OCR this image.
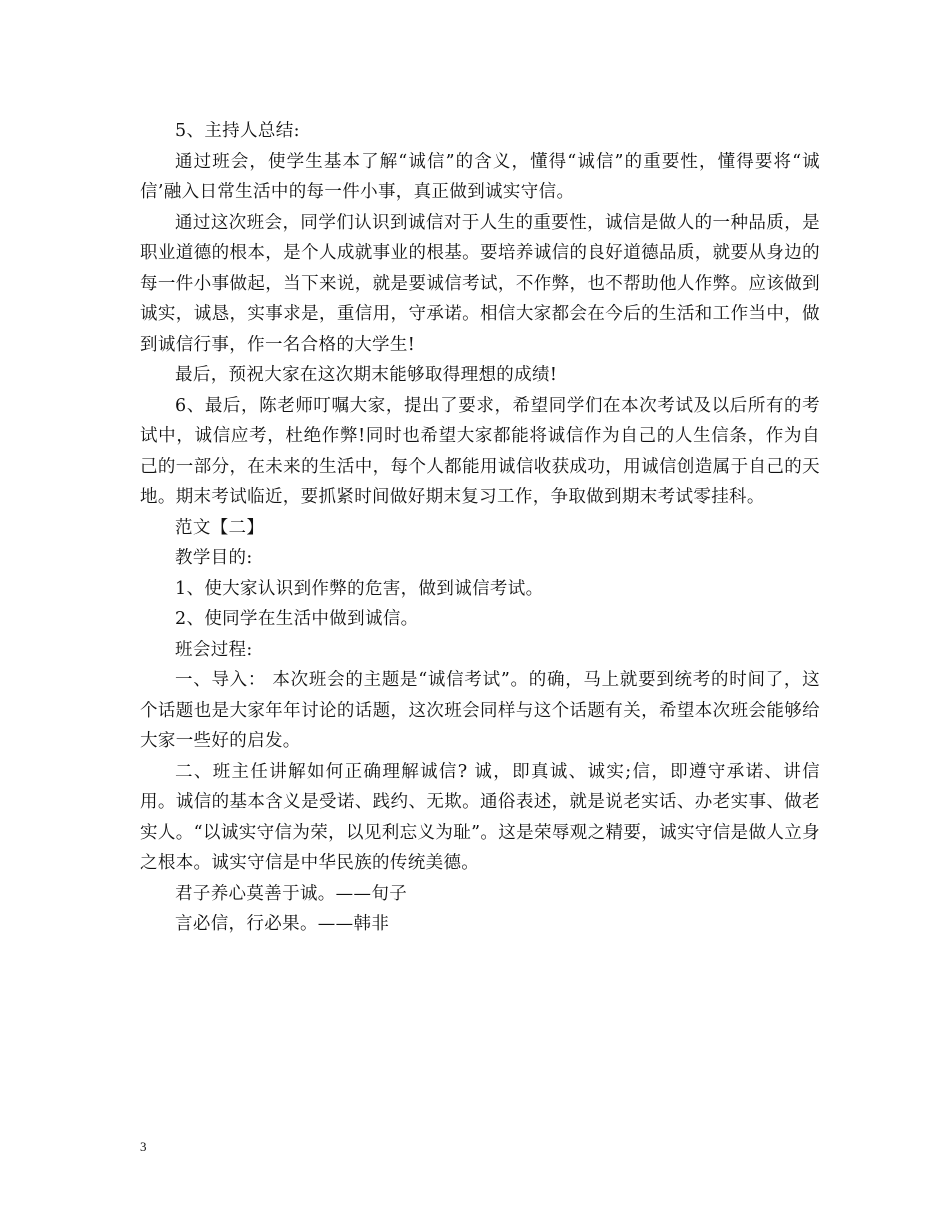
5、主持人总结:

通过班会，使学生基本了解“诚信”的含义，懂得“诚信”的重要性，懂得要将“诚信’融入日常生活中的每一件小事，真正做到诚实守信。

通过这次班会，同学们认识到诚信对于人生的重要性，诚信是做人的一种品质，是职业道德的根本，是个人成就事业的根基。要培养诚信的良好道德品质，就要从身边的每一件小事做起，当下来说，就是要诚信考试，不作弊，也不帮助他人作弊。应该做到诚实，诚恳，实事求是，重信用，守承诺。相信大家都会在今后的生活和工作当中，做到诚信行事，作一名合格的大学生!

最后，预祝大家在这次期末能够取得理想的成绩!

6、最后，陈老师叮嘱大家，提出了要求，希望同学们在本次考试及以后所有的考试中，诚信应考，杜绝作弊!同时也希望大家都能将诚信作为自己的人生信条，作为自己的一部分，在未来的生活中，每个人都能用诚信收获成功，用诚信创造属于自己的天地。期末考试临近，要抓紧时间做好期末复习工作，争取做到期末考试零挂科。

范文【二】

教学目的:

1、使大家认识到作弊的危害，做到诚信考试。

2、使同学在生活中做到诚信。

班会过程:

一、导入： 本次班会的主题是“诚信考试”。的确，马上就要到统考的时间了，这个话题也是大家年年讨论的话题，这次班会同样与这个话题有关，希望本次班会能够给大家一些好的启发。

二、班主任讲解如何正确理解诚信? 诚，即真诚、诚实;信，即遵守承诺、讲信用。诚信的基本含义是受诺、践约、无欺。通俗表述，就是说老实话、办老实事、做老实人。“以诚实守信为荣，以见利忘义为耻”。这是荣辱观之精要，诚实守信是做人立身之根本。诚实守信是中华民族的传统美德。

君子养心莫善于诚。——旬子

言必信，行必果。——韩非

3
